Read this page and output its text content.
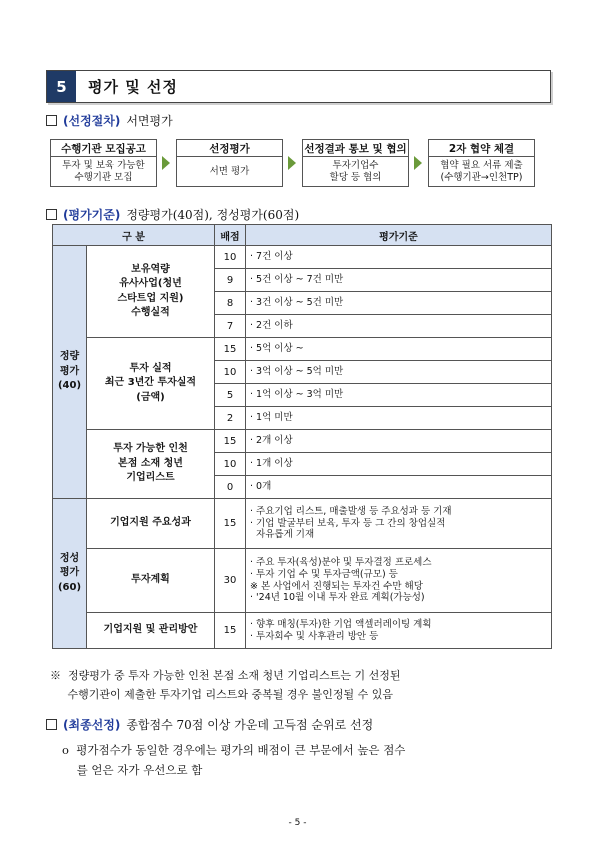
5	평가 및 선정
(선정절차) 서면평가
수행기관 모집공고
투자 및 보육 가능한
수행기관 모집
선정평가
서면 평가
선정결과 통보 및 협의
투자기업수
할당 등 협의
2자 협약 체결
협약 필요 서류 제출
(수행기관→인천TP)
(평가기준) 정량평가(40점), 정성평가(60점)
구 분		배점	평가기준
정량
평가
(40)	보유역량
유사사업(청년
스타트업 지원)
수행실적	10	· 7건 이상
		9	· 5건 이상 ~ 7건 미만
		8	· 3건 이상 ~ 5건 미만
		7	· 2건 이하
	투자 실적
최근 3년간 투자실적
(금액)	15	· 5억 이상 ~
		10	· 3억 이상 ~ 5억 미만
		5	· 1억 이상 ~ 3억 미만
		2	· 1억 미만
	투자 가능한 인천
본점 소재 청년
기업리스트	15	· 2개 이상
		10	· 1개 이상
		0	· 0개
정성
평가
(60)	기업지원 주요성과	15	· 주요기업 리스트, 매출발생 등 주요성과 등 기재
· 기업 발굴부터 보육, 투자 등 그 간의 창업실적
자유롭게 기재
	투자계획	30	· 주요 투자(육성)분야 및 투자결정 프로세스
· 투자 기업 수 및 투자금액(규모) 등
※ 본 사업에서 진행되는 투자건 수만 해당
· '24년 10월 이내 투자 완료 계획(가능성)
	기업지원 및 관리방안	15	· 향후 매칭(투자)한 기업 액셀러레이팅 계획
· 투자회수 및 사후관리 방안 등
※  정량평가 중 투자 가능한 인천 본점 소재 청년 기업리스트는 기 선정된
수행기관이 제출한 투자기업 리스트와 중복될 경우 불인정될 수 있음
(최종선정) 종합점수 70점 이상 가운데 고득점 순위로 선정
o  평가점수가 동일한 경우에는 평가의 배점이 큰 부문에서 높은 점수
를 얻은 자가 우선으로 함
- 5 -
